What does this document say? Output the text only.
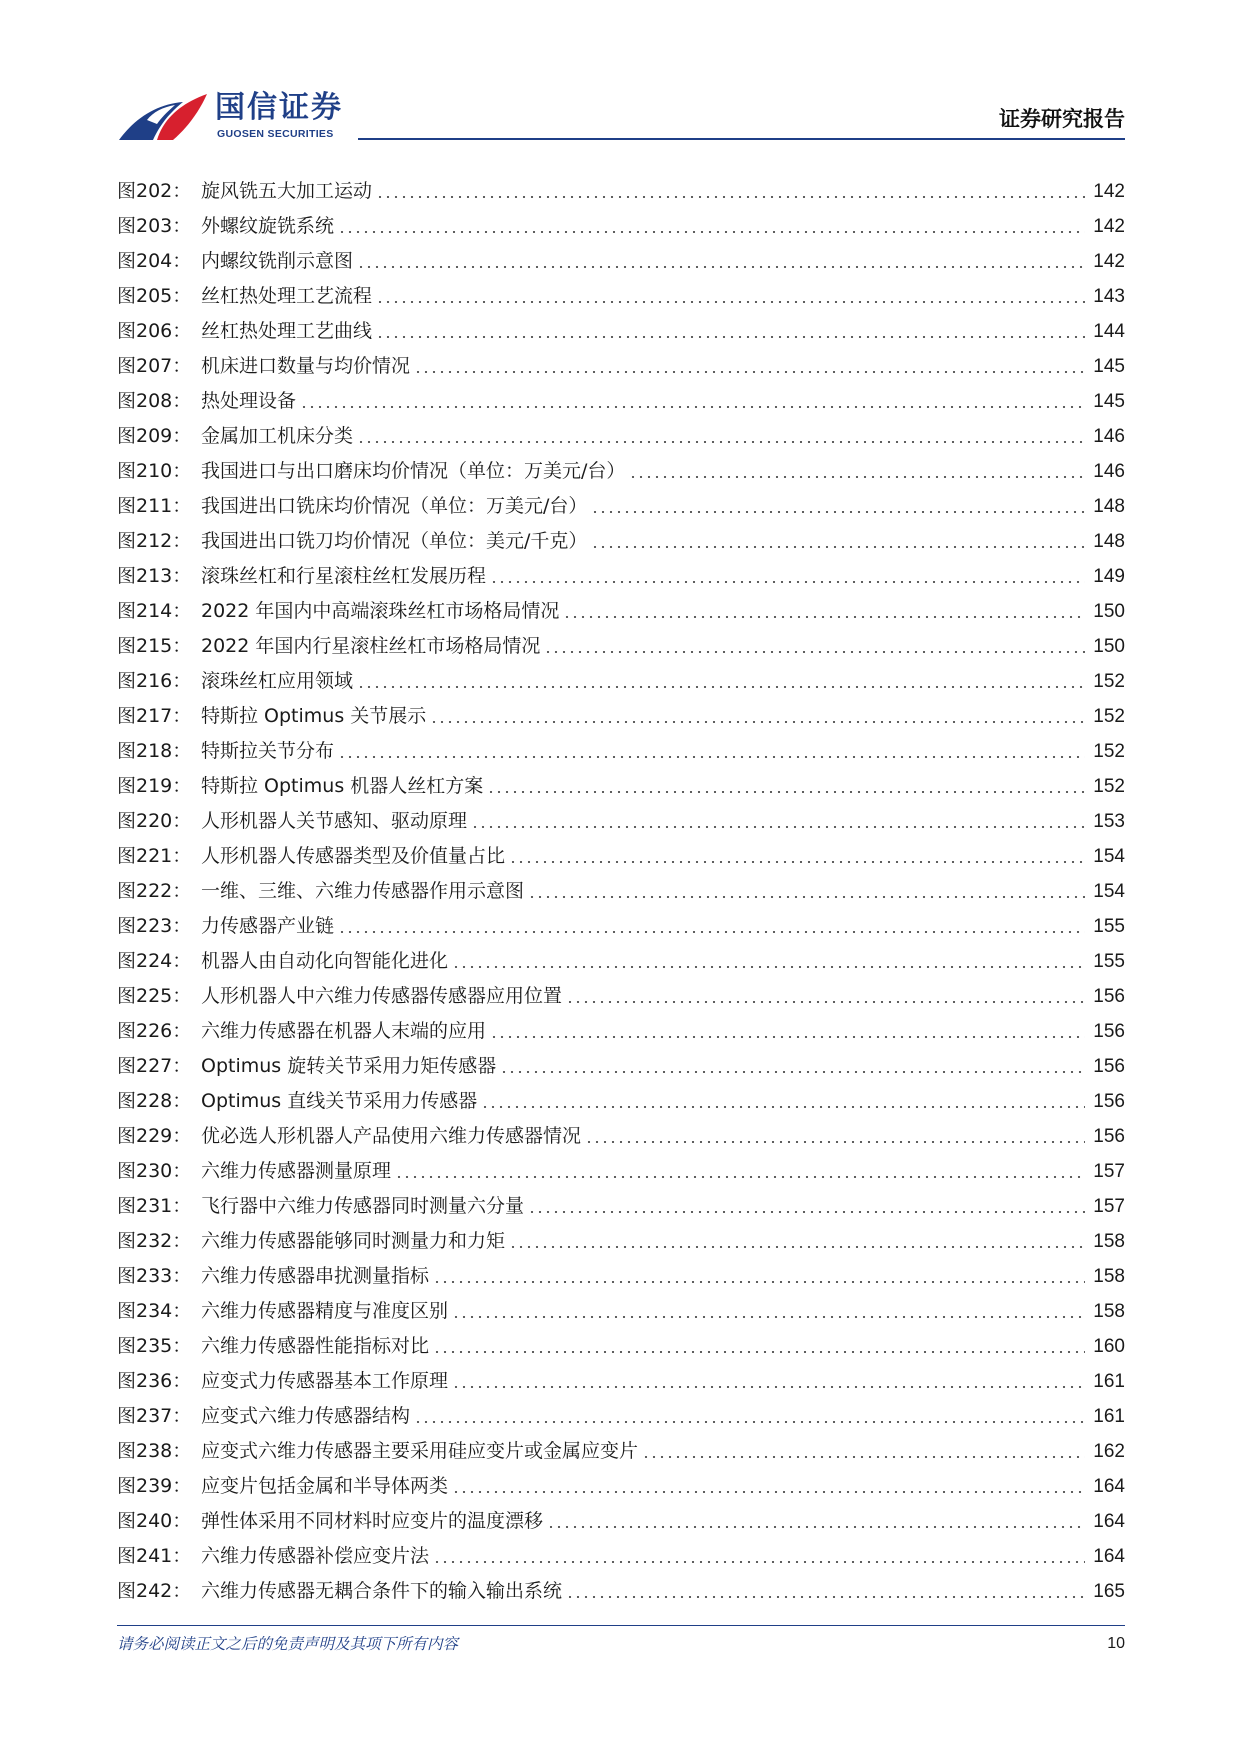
国信证券
GUOSEN SECURITIES
证券研究报告
图202： 旋风铣五大加工运动	142
图203： 外螺纹旋铣系统	142
图204： 内螺纹铣削示意图	142
图205： 丝杠热处理工艺流程	143
图206： 丝杠热处理工艺曲线	144
图207： 机床进口数量与均价情况	145
图208： 热处理设备	145
图209： 金属加工机床分类	146
图210： 我国进口与出口磨床均价情况（单位：万美元/台）	146
图211： 我国进出口铣床均价情况（单位：万美元/台）	148
图212： 我国进出口铣刀均价情况（单位：美元/千克）	148
图213： 滚珠丝杠和行星滚柱丝杠发展历程	149
图214： 2022 年国内中高端滚珠丝杠市场格局情况	150
图215： 2022 年国内行星滚柱丝杠市场格局情况	150
图216： 滚珠丝杠应用领域	152
图217： 特斯拉 Optimus 关节展示	152
图218： 特斯拉关节分布	152
图219： 特斯拉 Optimus 机器人丝杠方案	152
图220： 人形机器人关节感知、驱动原理	153
图221： 人形机器人传感器类型及价值量占比	154
图222： 一维、三维、六维力传感器作用示意图	154
图223： 力传感器产业链	155
图224： 机器人由自动化向智能化进化	155
图225： 人形机器人中六维力传感器传感器应用位置	156
图226： 六维力传感器在机器人末端的应用	156
图227： Optimus 旋转关节采用力矩传感器	156
图228： Optimus 直线关节采用力传感器	156
图229： 优必选人形机器人产品使用六维力传感器情况	156
图230： 六维力传感器测量原理	157
图231： 飞行器中六维力传感器同时测量六分量	157
图232： 六维力传感器能够同时测量力和力矩	158
图233： 六维力传感器串扰测量指标	158
图234： 六维力传感器精度与准度区别	158
图235： 六维力传感器性能指标对比	160
图236： 应变式力传感器基本工作原理	161
图237： 应变式六维力传感器结构	161
图238： 应变式六维力传感器主要采用硅应变片或金属应变片	162
图239： 应变片包括金属和半导体两类	164
图240： 弹性体采用不同材料时应变片的温度漂移	164
图241： 六维力传感器补偿应变片法	164
图242： 六维力传感器无耦合条件下的输入输出系统	165
请务必阅读正文之后的免责声明及其项下所有内容	10
